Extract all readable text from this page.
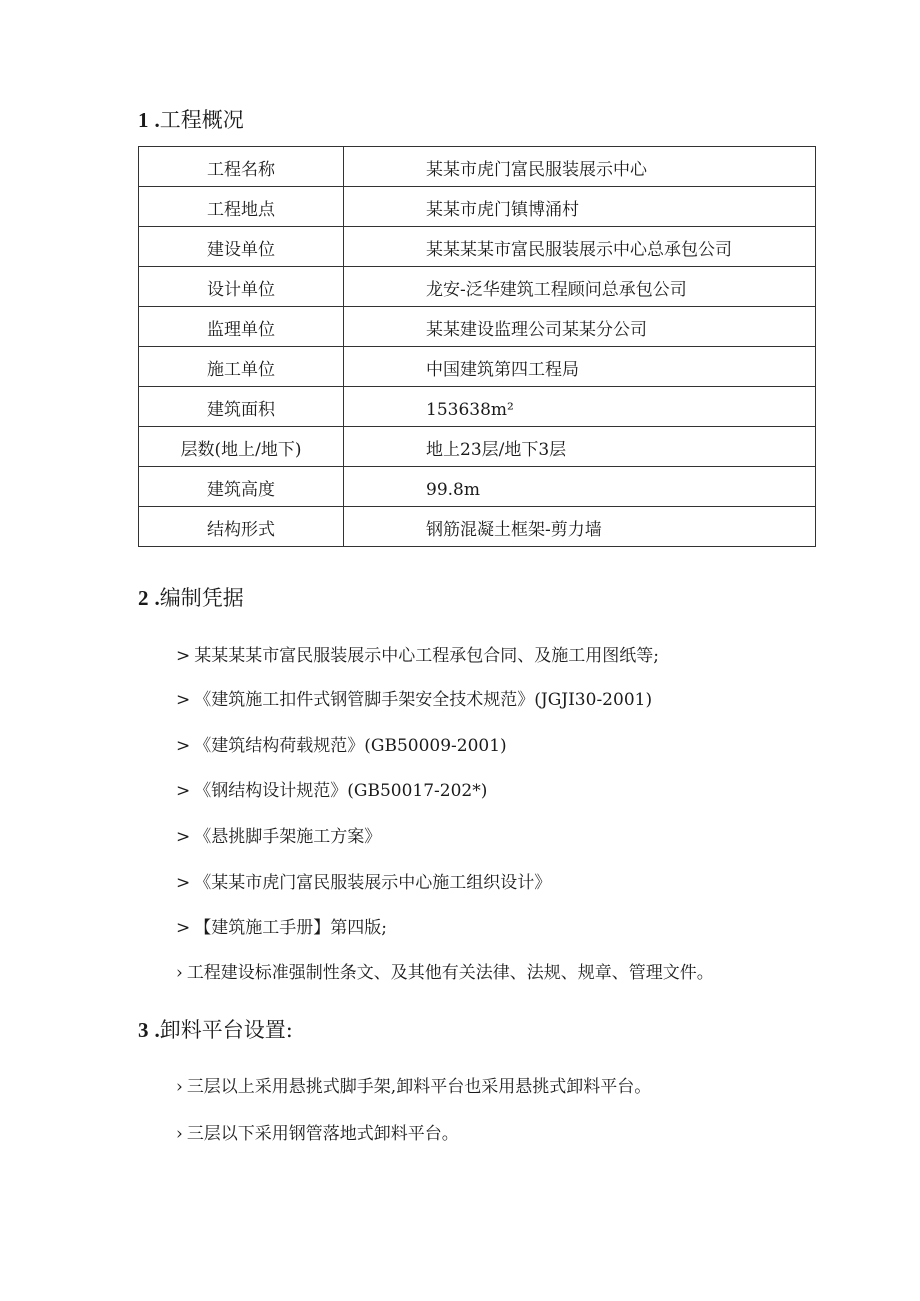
1 .工程概况
工程名称	某某市虎门富民服装展示中心
工程地点	某某市虎门镇博涌村
建设单位	某某某某市富民服装展示中心总承包公司
设计单位	龙安-泛华建筑工程顾问总承包公司
监理单位	某某建设监理公司某某分公司
施工单位	中国建筑第四工程局
建筑面积	153638m²
层数(地上/地下)	地上23层/地下3层
建筑高度	99.8m
结构形式	钢筋混凝土框架-剪力墙
2 .编制凭据
> 某某某某市富民服装展示中心工程承包合同、及施工用图纸等;
> 《建筑施工扣件式钢管脚手架安全技术规范》(JGJI30-2001)
> 《建筑结构荷载规范》(GB50009-2001)
> 《钢结构设计规范》(GB50017-202*)
> 《悬挑脚手架施工方案》
> 《某某市虎门富民服装展示中心施工组织设计》
> 【建筑施工手册】第四版;
› 工程建设标准强制性条文、及其他有关法律、法规、规章、管理文件。
3 .卸料平台设置:
› 三层以上采用悬挑式脚手架,卸料平台也采用悬挑式卸料平台。
› 三层以下采用钢管落地式卸料平台。
